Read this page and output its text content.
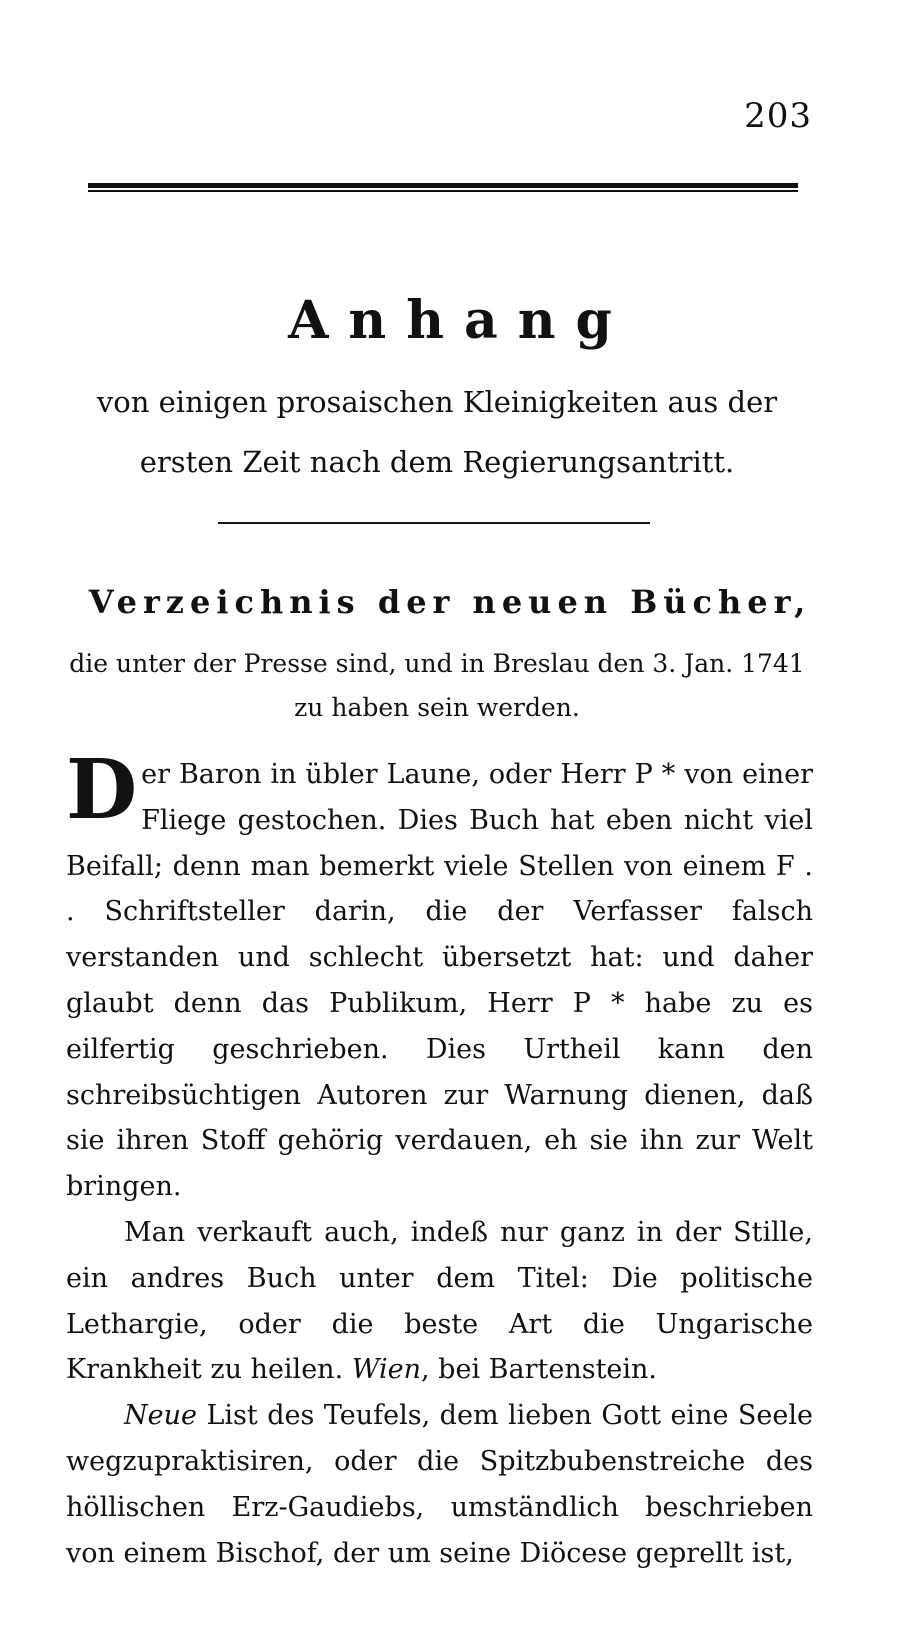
203
Anhang
von einigen prosaischen Kleinigkeiten aus der ersten Zeit nach dem Regierungsantritt.
Verzeichnis der neuen Bücher,
die unter der Presse sind, und in Breslau den 3. Jan. 1741 zu haben sein werden.

Der Baron in übler Laune, oder Herr P * von einer Fliege gestochen. Dies Buch hat eben nicht viel Beifall; denn man bemerkt viele Stellen von einem F . . Schriftsteller darin, die der Verfasser falsch verstanden und schlecht übersetzt hat: und daher glaubt denn das Publikum, Herr P * habe zu es eilfertig geschrieben. Dies Urtheil kann den schreibsüchtigen Autoren zur Warnung dienen, daß sie ihren Stoff gehörig verdauen, eh sie ihn zur Welt bringen.

Man verkauft auch, indeß nur ganz in der Stille, ein andres Buch unter dem Titel: Die politische Lethargie, oder die beste Art die Ungarische Krankheit zu heilen. Wien, bei Bartenstein.

Neue List des Teufels, dem lieben Gott eine Seele wegzupraktisiren, oder die Spitzbubenstreiche des höllischen Erz-Gaudiebs, umständlich beschrieben von einem Bischof, der um seine Diöcese geprellt ist,
